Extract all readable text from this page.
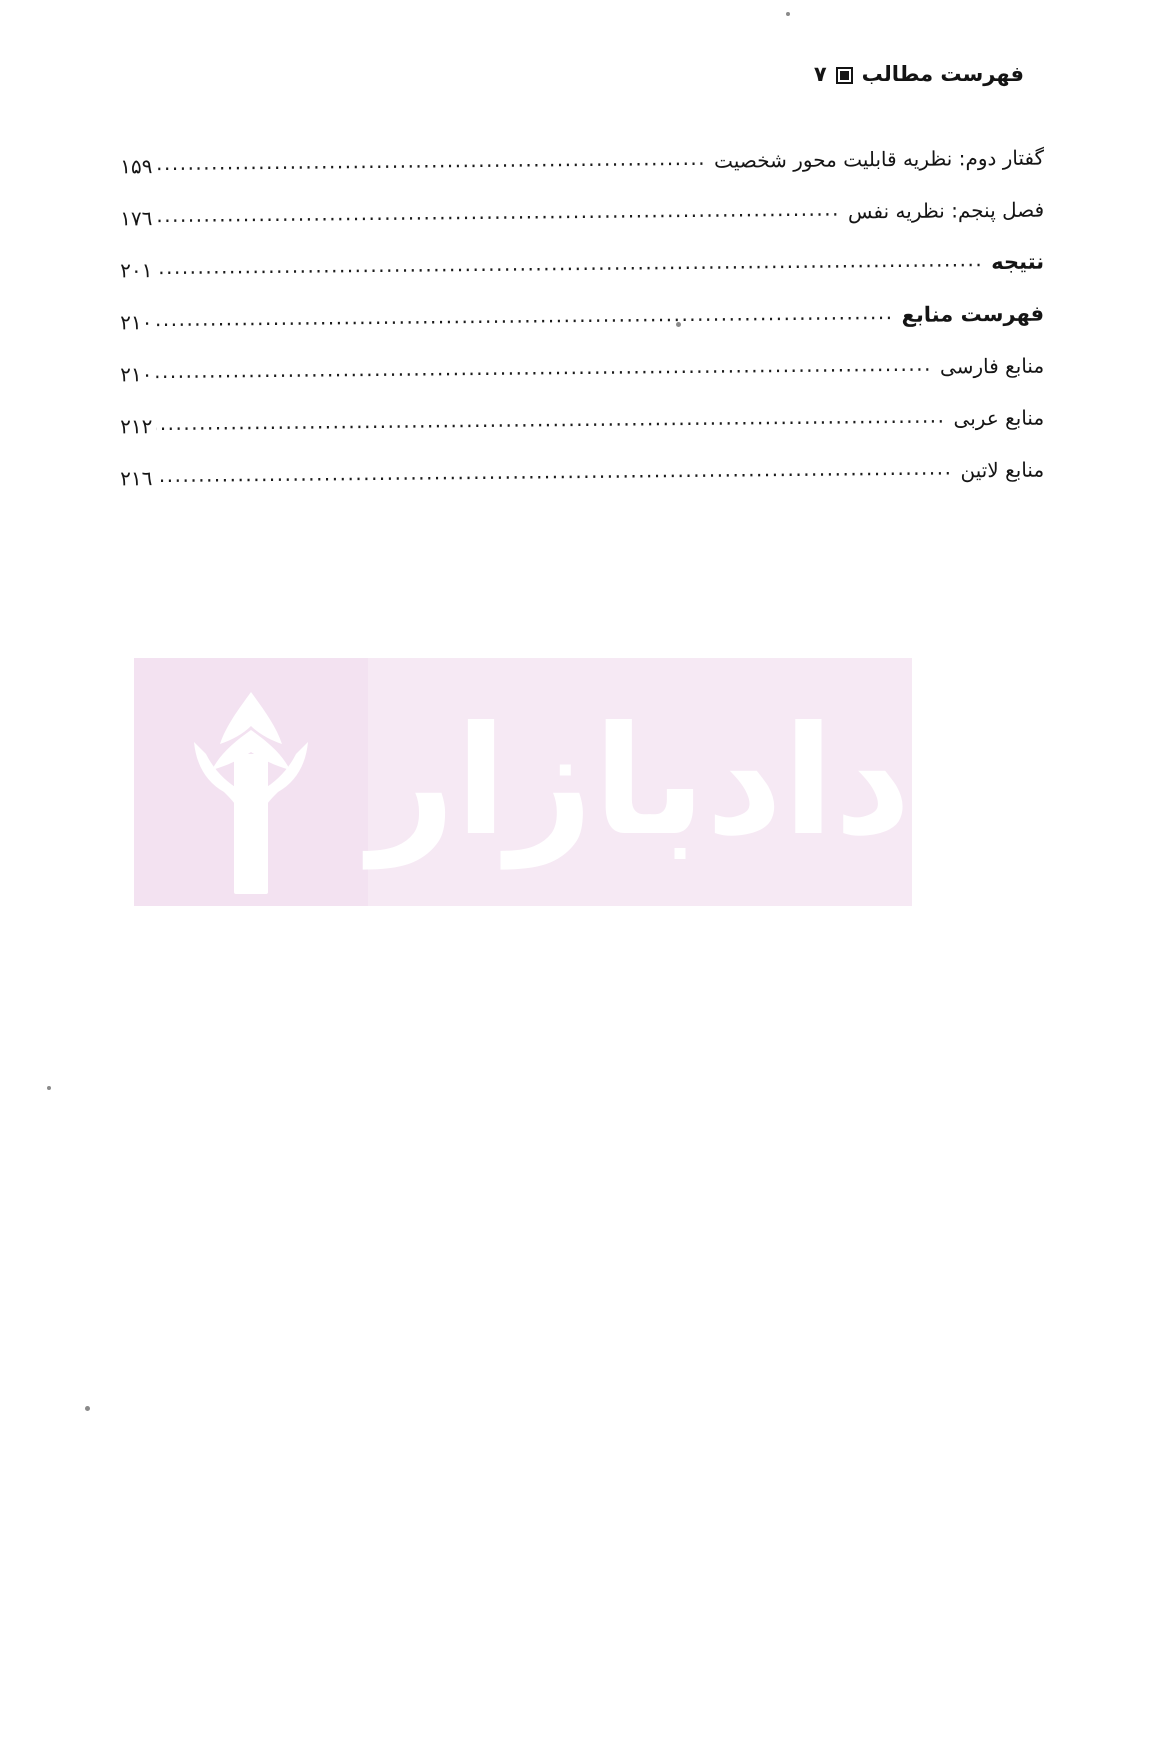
فهرست مطالب
۷
گفتار دوم: نظریه قابلیت محور شخصیت
.....
۱۵۹
فصل پنجم: نظریه نفس
.....
۱۷٦
نتیجه
.....
۲۰۱
فهرست منابع
.....
۲۱۰
منابع فارسی
.....
۲۱۰
منابع عربی
.....
۲۱۲
منابع لاتین
.....
۲۱٦
دادبازار
